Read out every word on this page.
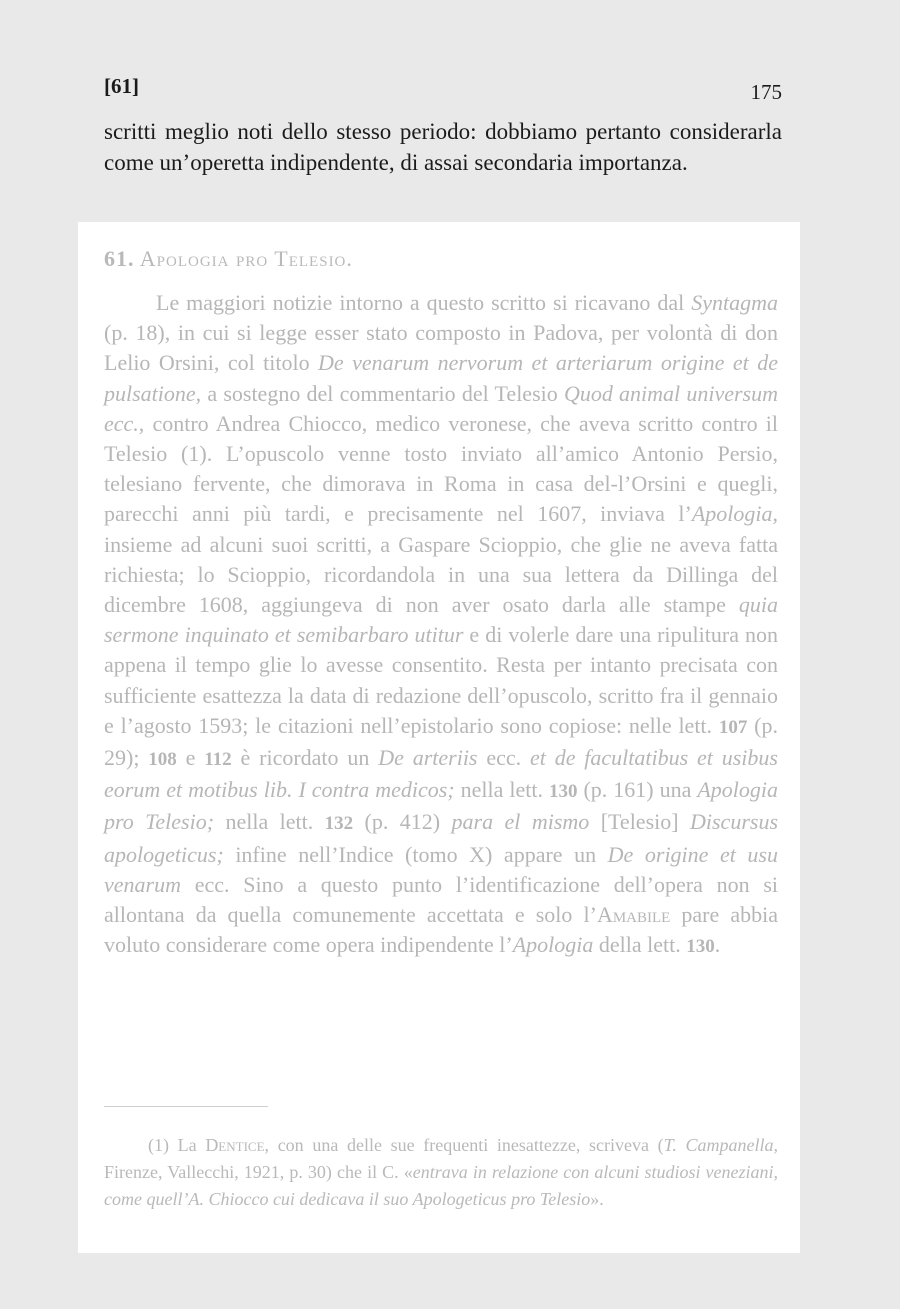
[61]	175

scritti meglio noti dello stesso periodo: dobbiamo pertanto considerarla come un’operetta indipendente, di assai secondaria importanza.

61. Apologia pro Telesio.

Le maggiori notizie intorno a questo scritto si ricavano dal Syntagma (p. 18), in cui si legge esser stato composto in Padova, per volontà di don Lelio Orsini, col titolo De venarum nervorum et arteriarum origine et de pulsatione, a sostegno del commentario del Telesio Quod animal universum ecc., contro Andrea Chiocco, medico veronese, che aveva scritto contro il Telesio (1). L’opuscolo venne tosto inviato all’amico Antonio Persio, telesiano fervente, che dimorava in Roma in casa del-l’Orsini e quegli, parecchi anni più tardi, e precisamente nel 1607, inviava l’Apologia, insieme ad alcuni suoi scritti, a Gaspare Scioppio, che glie ne aveva fatta richiesta; lo Scioppio, ricordandola in una sua lettera da Dillinga del dicembre 1608, aggiungeva di non aver osato darla alle stampe quia sermone inquinato et semibarbaro utitur e di volerle dare una ripulitura non appena il tempo glie lo avesse consentito. Resta per intanto precisata con sufficiente esattezza la data di redazione dell’opuscolo, scritto fra il gennaio e l’agosto 1593; le citazioni nell’epistolario sono copiose: nelle lett. 107 (p. 29); 108 e 112 è ricordato un De arteriis ecc. et de facultatibus et usibus eorum et motibus lib. I contra medicos; nella lett. 130 (p. 161) una Apologia pro Telesio; nella lett. 132 (p. 412) para el mismo [Telesio] Discursus apologeticus; infine nell’Indice (tomo X) appare un De origine et usu venarum ecc. Sino a questo punto l’identificazione dell’opera non si allontana da quella comunemente accettata e solo l’Amabile pare abbia voluto considerare come opera indipendente l’Apologia della lett. 130.

(1) La Dentice, con una delle sue frequenti inesattezze, scriveva (T. Campanella, Firenze, Vallecchi, 1921, p. 30) che il C. «entrava in relazione con alcuni studiosi veneziani, come quell’A. Chiocco cui dedicava il suo Apologeticus pro Telesio».
